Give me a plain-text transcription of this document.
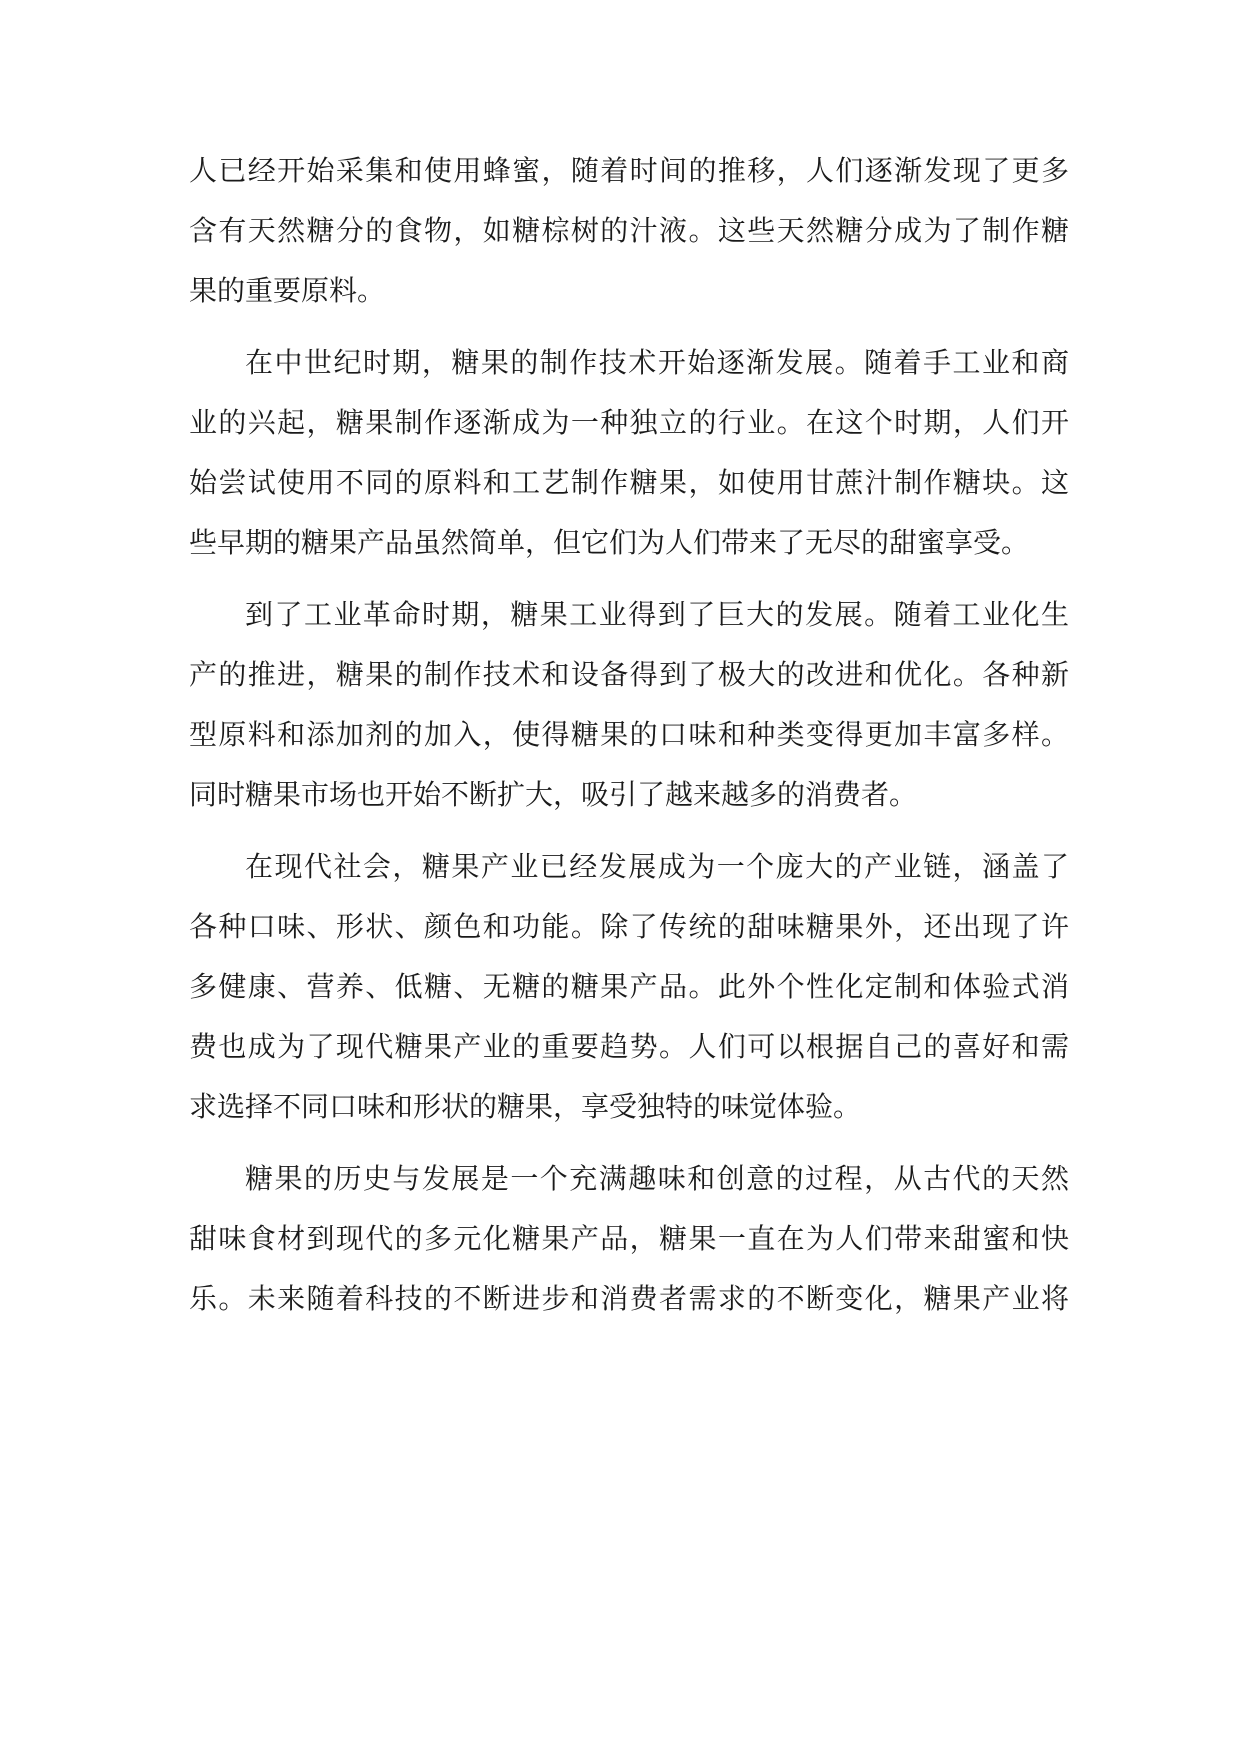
人已经开始采集和使用蜂蜜，随着时间的推移，人们逐渐发现了更多
含有天然糖分的食物，如糖棕树的汁液。这些天然糖分成为了制作糖
果的重要原料。
在中世纪时期，糖果的制作技术开始逐渐发展。随着手工业和商
业的兴起，糖果制作逐渐成为一种独立的行业。在这个时期，人们开
始尝试使用不同的原料和工艺制作糖果，如使用甘蔗汁制作糖块。这
些早期的糖果产品虽然简单，但它们为人们带来了无尽的甜蜜享受。
到了工业革命时期，糖果工业得到了巨大的发展。随着工业化生
产的推进，糖果的制作技术和设备得到了极大的改进和优化。各种新
型原料和添加剂的加入，使得糖果的口味和种类变得更加丰富多样。
同时糖果市场也开始不断扩大，吸引了越来越多的消费者。
在现代社会，糖果产业已经发展成为一个庞大的产业链，涵盖了
各种口味、形状、颜色和功能。除了传统的甜味糖果外，还出现了许
多健康、营养、低糖、无糖的糖果产品。此外个性化定制和体验式消
费也成为了现代糖果产业的重要趋势。人们可以根据自己的喜好和需
求选择不同口味和形状的糖果，享受独特的味觉体验。
糖果的历史与发展是一个充满趣味和创意的过程，从古代的天然
甜味食材到现代的多元化糖果产品，糖果一直在为人们带来甜蜜和快
乐。未来随着科技的不断进步和消费者需求的不断变化，糖果产业将
